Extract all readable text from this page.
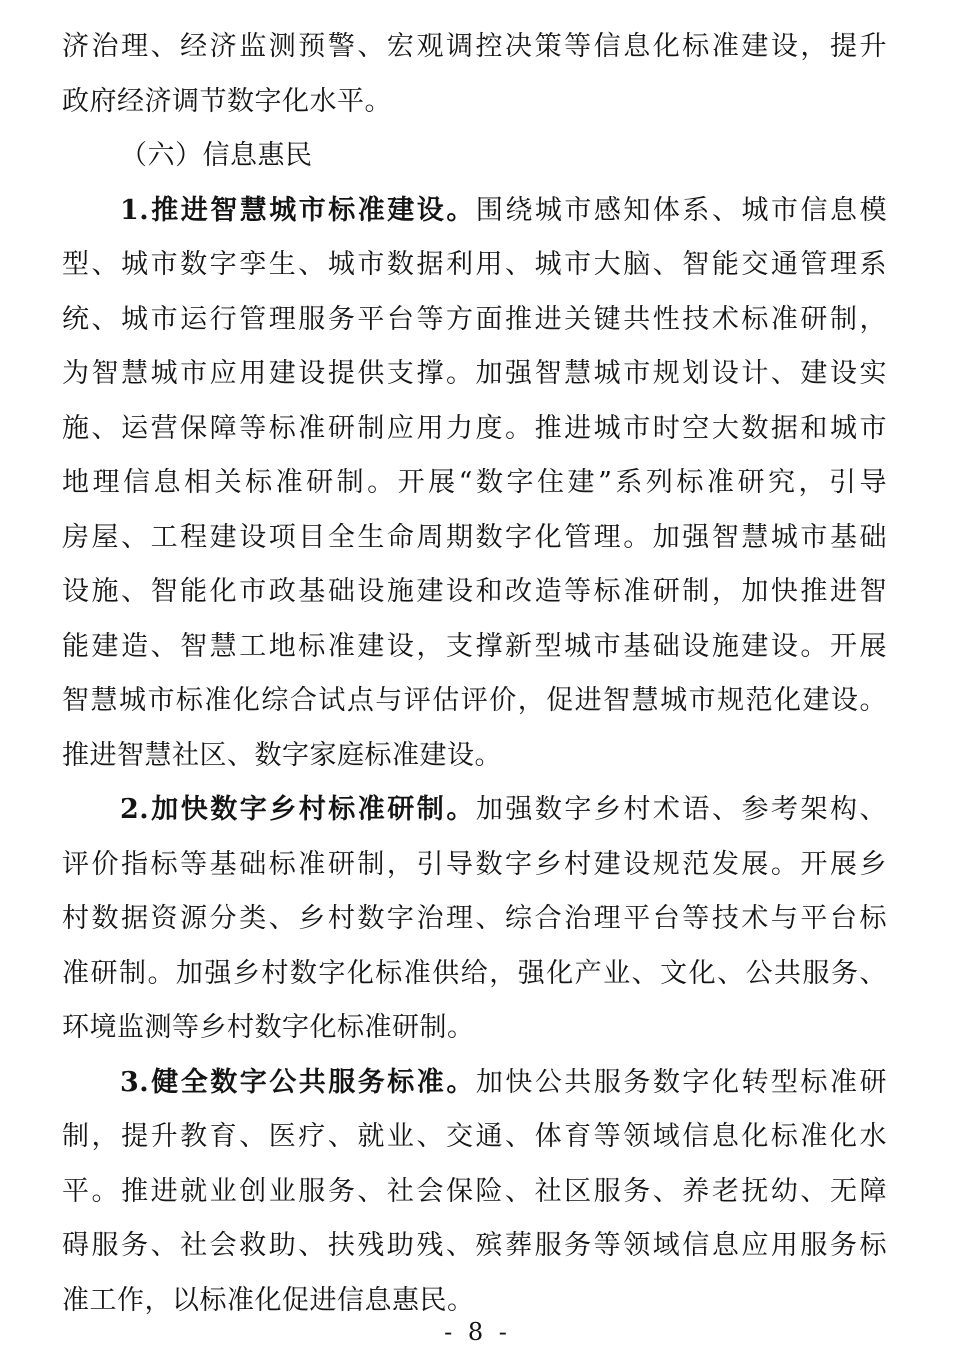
济治理、经济监测预警、宏观调控决策等信息化标准建设，提升
政府经济调节数字化水平。
（六）信息惠民
1.推进智慧城市标准建设。围绕城市感知体系、城市信息模
型、城市数字孪生、城市数据利用、城市大脑、智能交通管理系
统、城市运行管理服务平台等方面推进关键共性技术标准研制，
为智慧城市应用建设提供支撑。加强智慧城市规划设计、建设实
施、运营保障等标准研制应用力度。推进城市时空大数据和城市
地理信息相关标准研制。开展“数字住建”系列标准研究，引导
房屋、工程建设项目全生命周期数字化管理。加强智慧城市基础
设施、智能化市政基础设施建设和改造等标准研制，加快推进智
能建造、智慧工地标准建设，支撑新型城市基础设施建设。开展
智慧城市标准化综合试点与评估评价，促进智慧城市规范化建设。
推进智慧社区、数字家庭标准建设。
2.加快数字乡村标准研制。加强数字乡村术语、参考架构、
评价指标等基础标准研制，引导数字乡村建设规范发展。开展乡
村数据资源分类、乡村数字治理、综合治理平台等技术与平台标
准研制。加强乡村数字化标准供给，强化产业、文化、公共服务、
环境监测等乡村数字化标准研制。
3.健全数字公共服务标准。加快公共服务数字化转型标准研
制，提升教育、医疗、就业、交通、体育等领域信息化标准化水
平。推进就业创业服务、社会保险、社区服务、养老抚幼、无障
碍服务、社会救助、扶残助残、殡葬服务等领域信息应用服务标
准工作，以标准化促进信息惠民。
- 8 -
